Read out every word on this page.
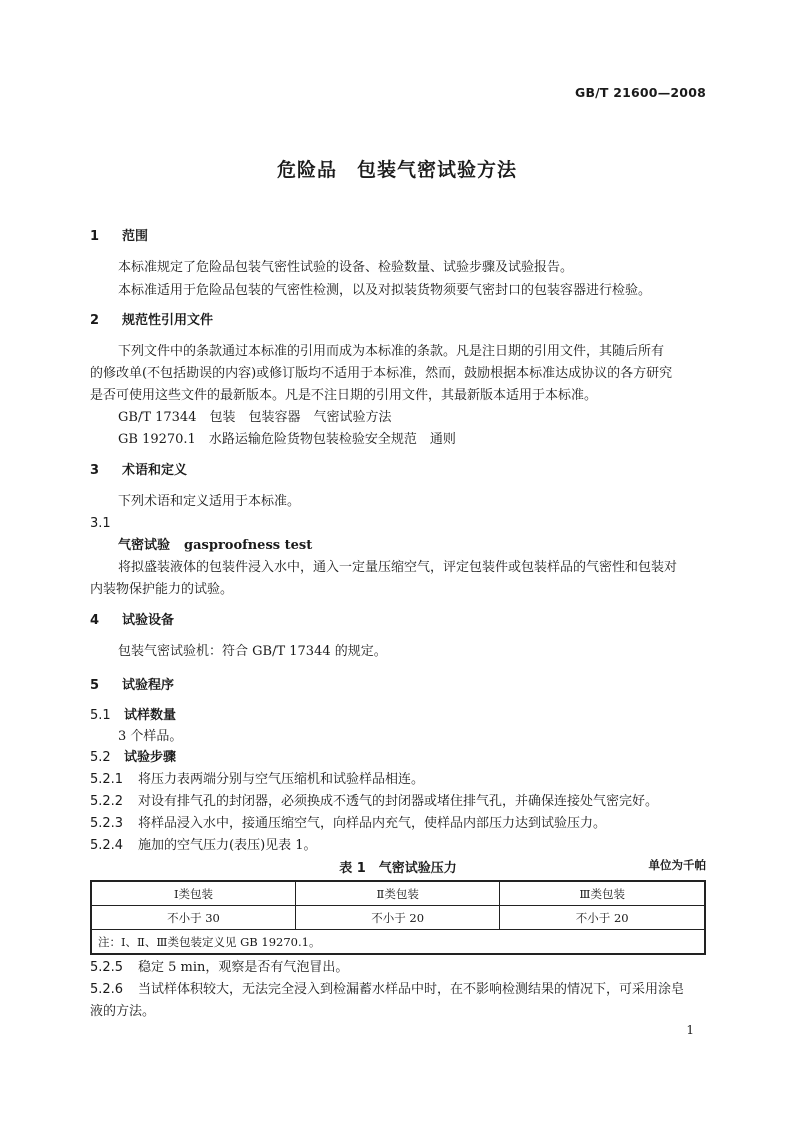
GB/T 21600—2008
危险品　包装气密试验方法
1 范围
本标准规定了危险品包装气密性试验的设备、检验数量、试验步骤及试验报告。
本标准适用于危险品包装的气密性检测，以及对拟装货物须要气密封口的包装容器进行检验。
2 规范性引用文件
下列文件中的条款通过本标准的引用而成为本标准的条款。凡是注日期的引用文件，其随后所有
的修改单(不包括勘误的内容)或修订版均不适用于本标准，然而，鼓励根据本标准达成协议的各方研究
是否可使用这些文件的最新版本。凡是不注日期的引用文件，其最新版本适用于本标准。
GB/T 17344　包装　包装容器　气密试验方法
GB 19270.1　水路运输危险货物包装检验安全规范　通则
3 术语和定义
下列术语和定义适用于本标准。
3.1
气密试验 gasproofness test
将拟盛装液体的包装件浸入水中，通入一定量压缩空气，评定包装件或包装样品的气密性和包装对
内装物保护能力的试验。
4 试验设备
包装气密试验机：符合 GB/T 17344 的规定。
5 试验程序
5.1 试样数量
3 个样品。
5.2 试验步骤
5.2.1 将压力表两端分别与空气压缩机和试验样品相连。
5.2.2 对设有排气孔的封闭器，必须换成不透气的封闭器或堵住排气孔，并确保连接处气密完好。
5.2.3 将样品浸入水中，接通压缩空气，向样品内充气，使样品内部压力达到试验压力。
5.2.4 施加的空气压力(表压)见表 1。
表 1　气密试验压力	单位为千帕
Ⅰ类包装	Ⅱ类包装	Ⅲ类包装
不小于 30	不小于 20	不小于 20
注：Ⅰ、Ⅱ、Ⅲ类包装定义见 GB 19270.1。		
5.2.5 稳定 5 min，观察是否有气泡冒出。
5.2.6 当试样体积较大，无法完全浸入到检漏蓄水样品中时，在不影响检测结果的情况下，可采用涂皂
液的方法。
1
